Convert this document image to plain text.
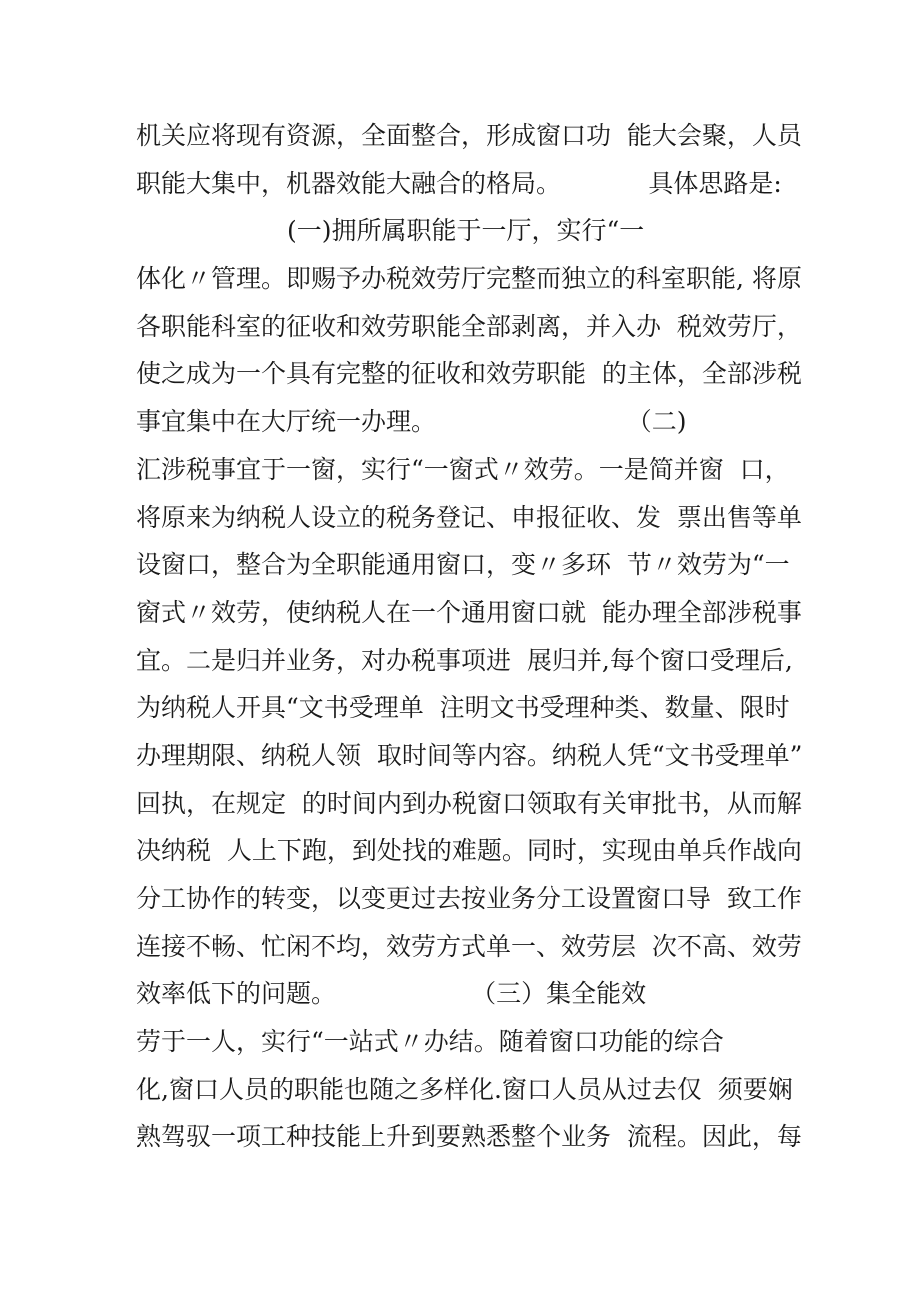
机关应将现有资源，全面整合，形成窗口功  能大会聚，人员
职能大集中，机器效能大融合的格局。           具体思路是:
(一)拥所属职能于一厅，实行“一
体化〃管理。即赐予办税效劳厅完整而独立的科室职能, 将原
各职能科室的征收和效劳职能全部剥离，并入办  税效劳厅，
使之成为一个具有完整的征收和效劳职能  的主体，全部涉税
事宜集中在大厅统一办理。                        （二)
汇涉税事宜于一窗，实行“一窗式〃效劳。一是简并窗  口，
将原来为纳税人设立的税务登记、申报征收、发  票出售等单
设窗口，整合为全职能通用窗口，变〃多环  节〃效劳为“一
窗式〃效劳，使纳税人在一个通用窗口就  能办理全部涉税事
宜。二是归并业务，对办税事项进  展归并,每个窗口受理后,
为纳税人开具“文书受理单  注明文书受理种类、数量、限时
办理期限、纳税人领  取时间等内容。纳税人凭“文书受理单”
回执，在规定  的时间内到办税窗口领取有关审批书，从而解
决纳税  人上下跑，到处找的难题。同时，实现由单兵作战向
分工协作的转变，以变更过去按业务分工设置窗口导  致工作
连接不畅、忙闲不均，效劳方式单一、效劳层  次不高、效劳
效率低下的问题。                 （三）集全能效
劳于一人，实行“一站式〃办结。随着窗口功能的综合
化,窗口人员的职能也随之多样化.窗口人员从过去仅  须要娴
熟驾驭一项工种技能上升到要熟悉整个业务  流程。因此，每
